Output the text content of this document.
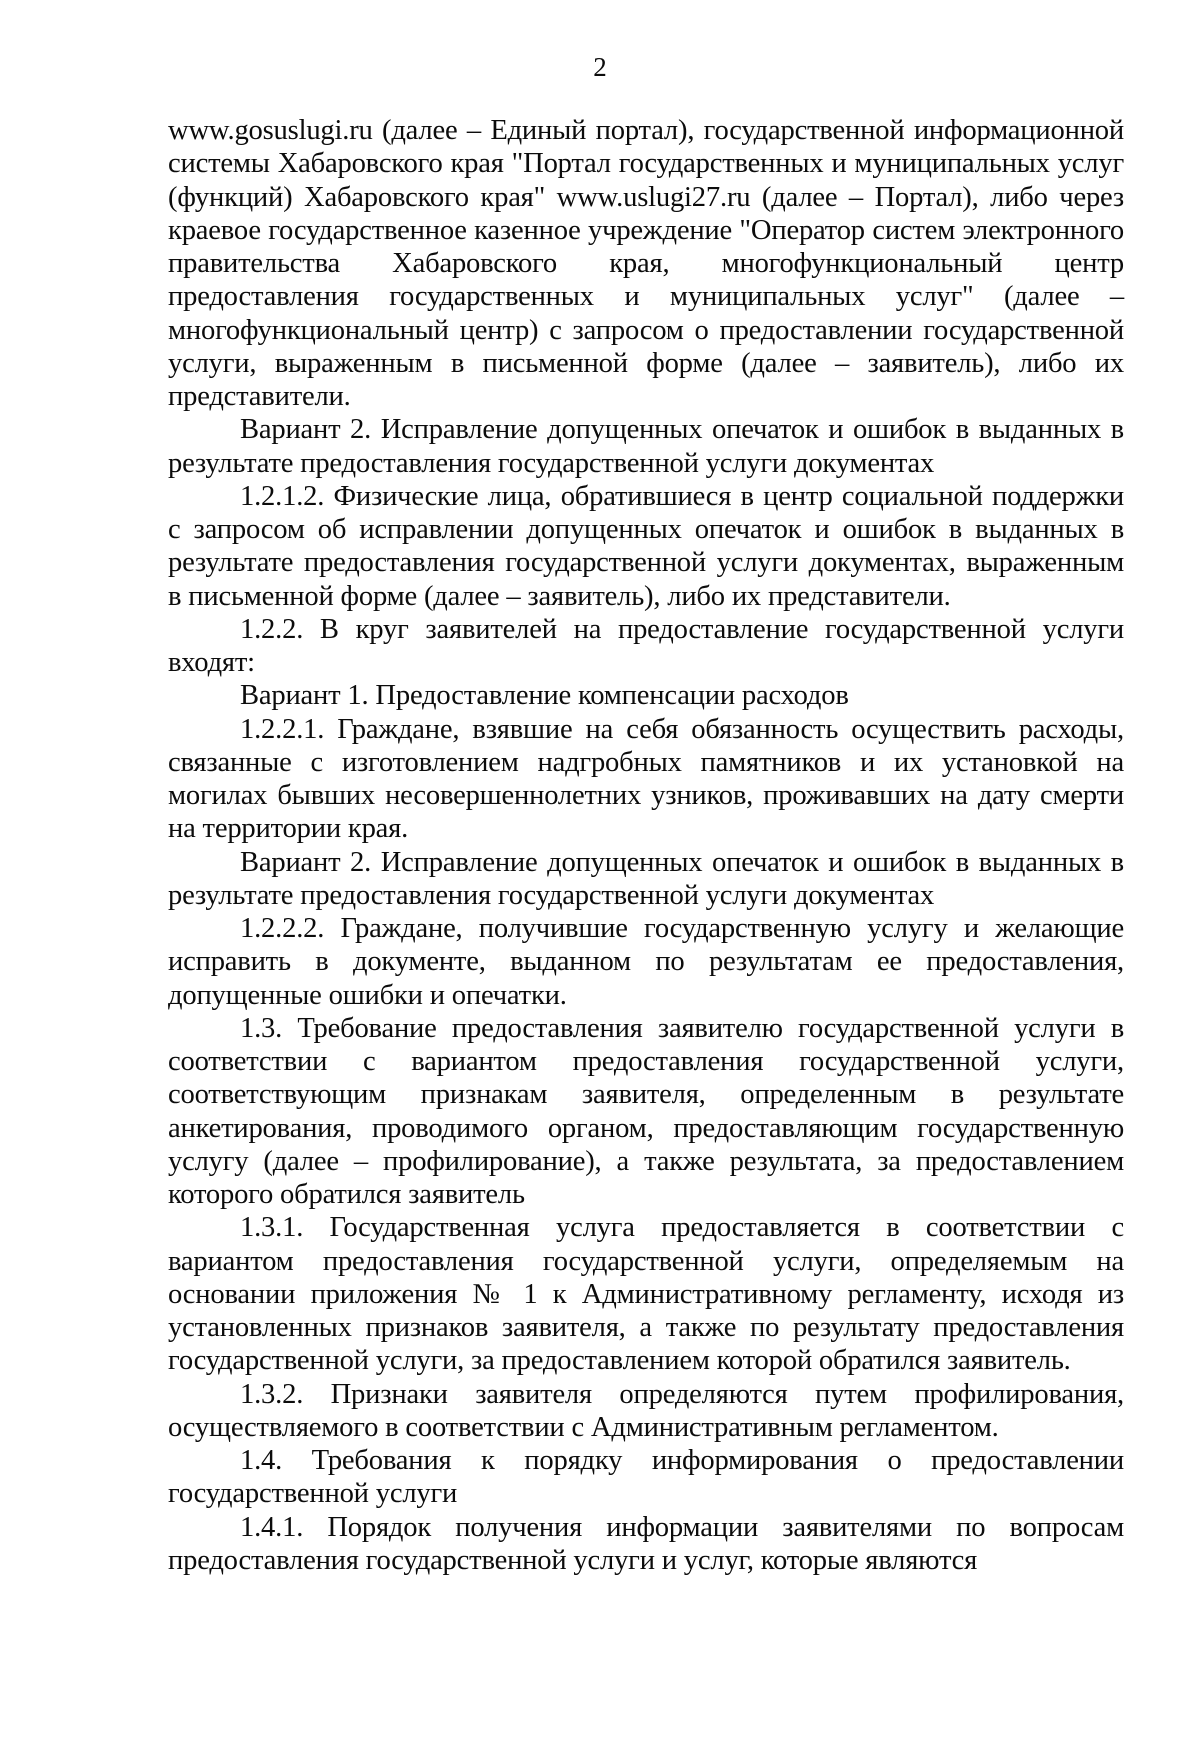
2

www.gosuslugi.ru (далее – Единый портал), государственной информационной системы Хабаровского края "Портал государственных и муниципальных услуг (функций) Хабаровского края" www.uslugi27.ru (далее – Портал), либо через краевое государственное казенное учреждение "Оператор систем электронного правительства Хабаровского края, многофункциональный центр предоставления государственных и муниципальных услуг" (далее – многофункциональный центр) с запросом о предоставлении государственной услуги, выраженным в письменной форме (далее – заявитель), либо их представители.

Вариант 2. Исправление допущенных опечаток и ошибок в выданных в результате предоставления государственной услуги документах

1.2.1.2. Физические лица, обратившиеся в центр социальной поддержки с запросом об исправлении допущенных опечаток и ошибок в выданных в результате предоставления государственной услуги документах, выраженным в письменной форме (далее – заявитель), либо их представители.

1.2.2. В круг заявителей на предоставление государственной услуги входят:

Вариант 1. Предоставление компенсации расходов

1.2.2.1. Граждане, взявшие на себя обязанность осуществить расходы, связанные с изготовлением надгробных памятников и их установкой на могилах бывших несовершеннолетних узников, проживавших на дату смерти на территории края.

Вариант 2. Исправление допущенных опечаток и ошибок в выданных в результате предоставления государственной услуги документах

1.2.2.2. Граждане, получившие государственную услугу и желающие исправить в документе, выданном по результатам ее предоставления, допущенные ошибки и опечатки.

1.3. Требование предоставления заявителю государственной услуги в соответствии с вариантом предоставления государственной услуги, соответствующим признакам заявителя, определенным в результате анкетирования, проводимого органом, предоставляющим государственную услугу (далее – профилирование), а также результата, за предоставлением которого обратился заявитель

1.3.1. Государственная услуга предоставляется в соответствии с вариантом предоставления государственной услуги, определяемым на основании приложения № 1 к Административному регламенту, исходя из установленных признаков заявителя, а также по результату предоставления государственной услуги, за предоставлением которой обратился заявитель.

1.3.2. Признаки заявителя определяются путем профилирования, осуществляемого в соответствии с Административным регламентом.

1.4. Требования к порядку информирования о предоставлении государственной услуги

1.4.1. Порядок получения информации заявителями по вопросам предоставления государственной услуги и услуг, которые являются
